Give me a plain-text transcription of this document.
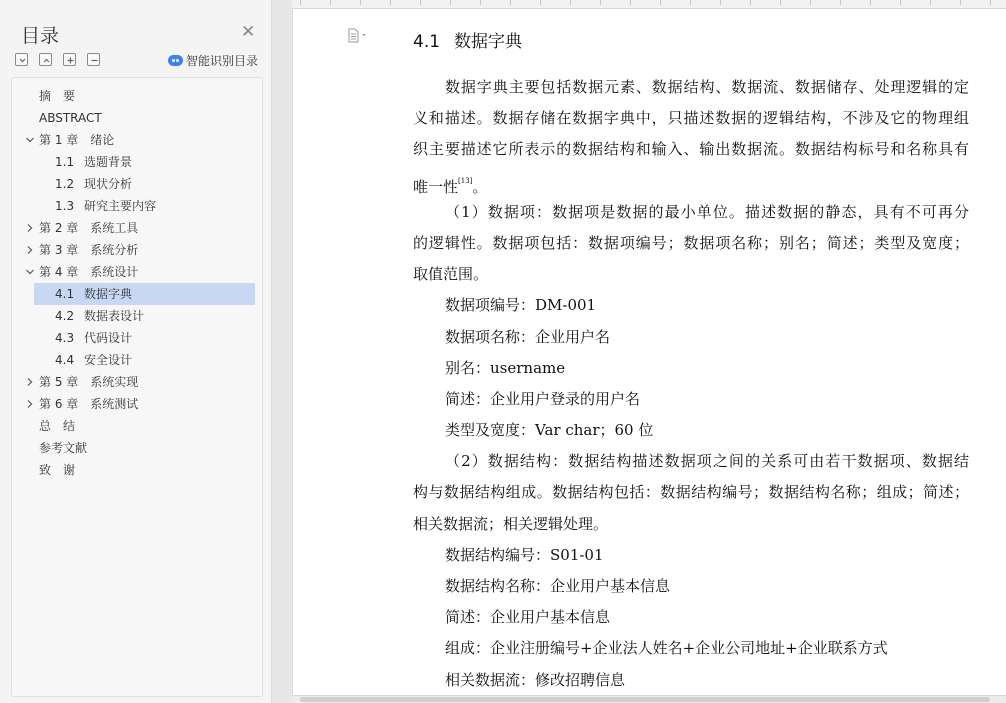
目录	✕
智能识别目录
摘　要
ABSTRACT
第 1 章　绪论
1.1 选题背景
1.2 现状分析
1.3 研究主要内容
第 2 章　系统工具
第 3 章　系统分析
第 4 章　系统设计
4.1 数据字典
4.2 数据表设计
4.3 代码设计
4.4 安全设计
第 5 章　系统实现
第 6 章　系统测试
总　结
参考文献
致　谢
4.1 数据字典
数据字典主要包括数据元素、数据结构、数据流、数据储存、处理逻辑的定
义和描述。数据存储在数据字典中，只描述数据的逻辑结构，不涉及它的物理组
织主要描述它所表示的数据结构和输入、输出数据流。数据结构标号和名称具有
唯一性[13]。
（1）数据项：数据项是数据的最小单位。描述数据的静态，具有不可再分
的逻辑性。数据项包括：数据项编号；数据项名称；别名；简述；类型及宽度；
取值范围。
数据项编号：DM-001
数据项名称：企业用户名
别名：username
简述：企业用户登录的用户名
类型及宽度：Var char；60 位
（2）数据结构：数据结构描述数据项之间的关系可由若干数据项、数据结
构与数据结构组成。数据结构包括：数据结构编号；数据结构名称；组成；简述；
相关数据流；相关逻辑处理。
数据结构编号：S01-01
数据结构名称：企业用户基本信息
简述：企业用户基本信息
组成：企业注册编号+企业法人姓名+企业公司地址+企业联系方式
相关数据流：修改招聘信息
